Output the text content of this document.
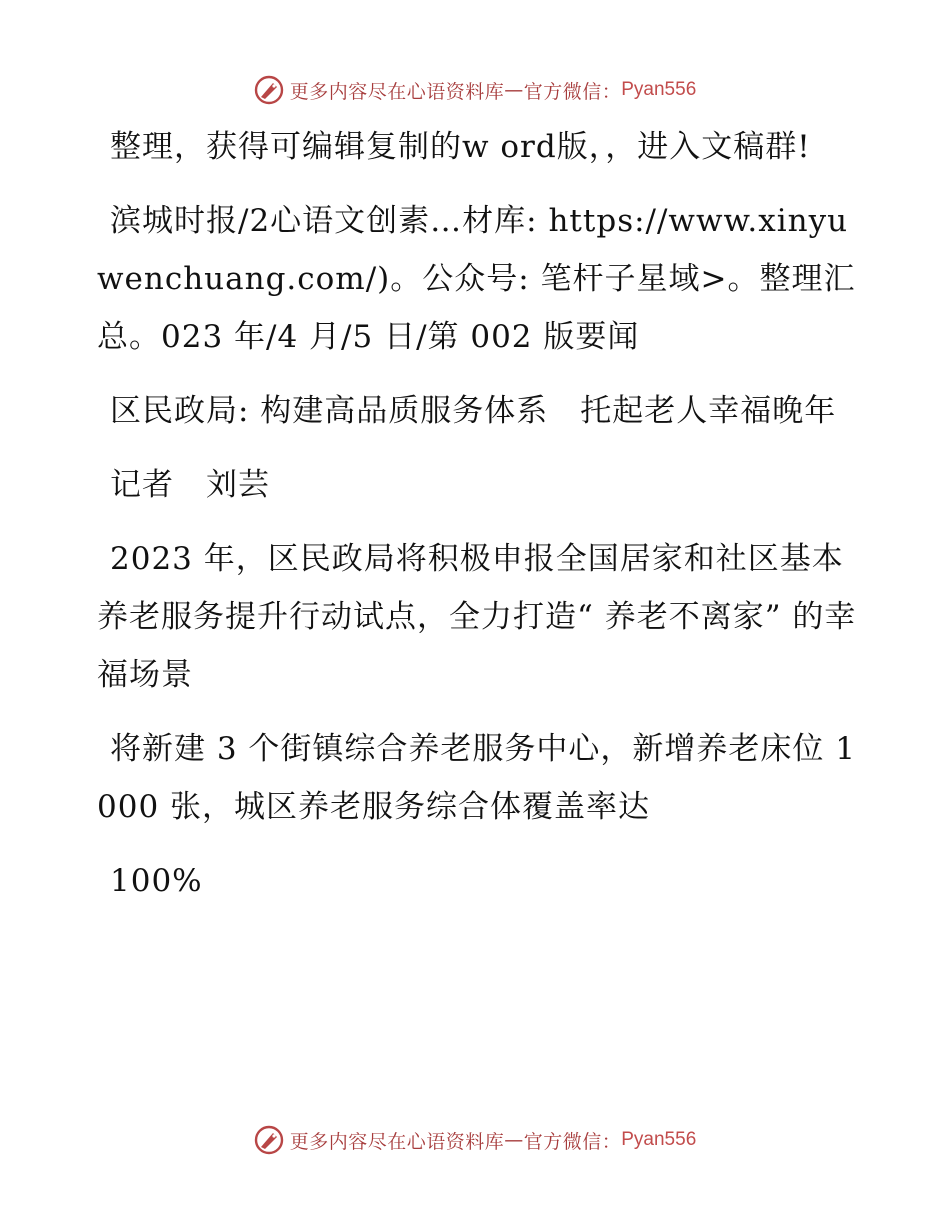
更多内容尽在心语资料库 — 官方微信： Pyan556

整理，获得可编辑复制的w ord版，，进入文稿群!

滨城时报/2心语文创素…材库: https://www.xinyuwenchuang.com/)。公众号: 笔杆子星域>。整理汇总。023 年/4 月/5 日/第 002 版要闻

区民政局: 构建高品质服务体系　托起老人幸福晚年

记者　刘芸

2023 年，区民政局将积极申报全国居家和社区基本养老服务提升行动试点，全力打造“ 养老不离家” 的幸福场景

将新建 3 个街镇综合养老服务中心，新增养老床位 1000 张，城区养老服务综合体覆盖率达

100%

更多内容尽在心语资料库 — 官方微信： Pyan556
